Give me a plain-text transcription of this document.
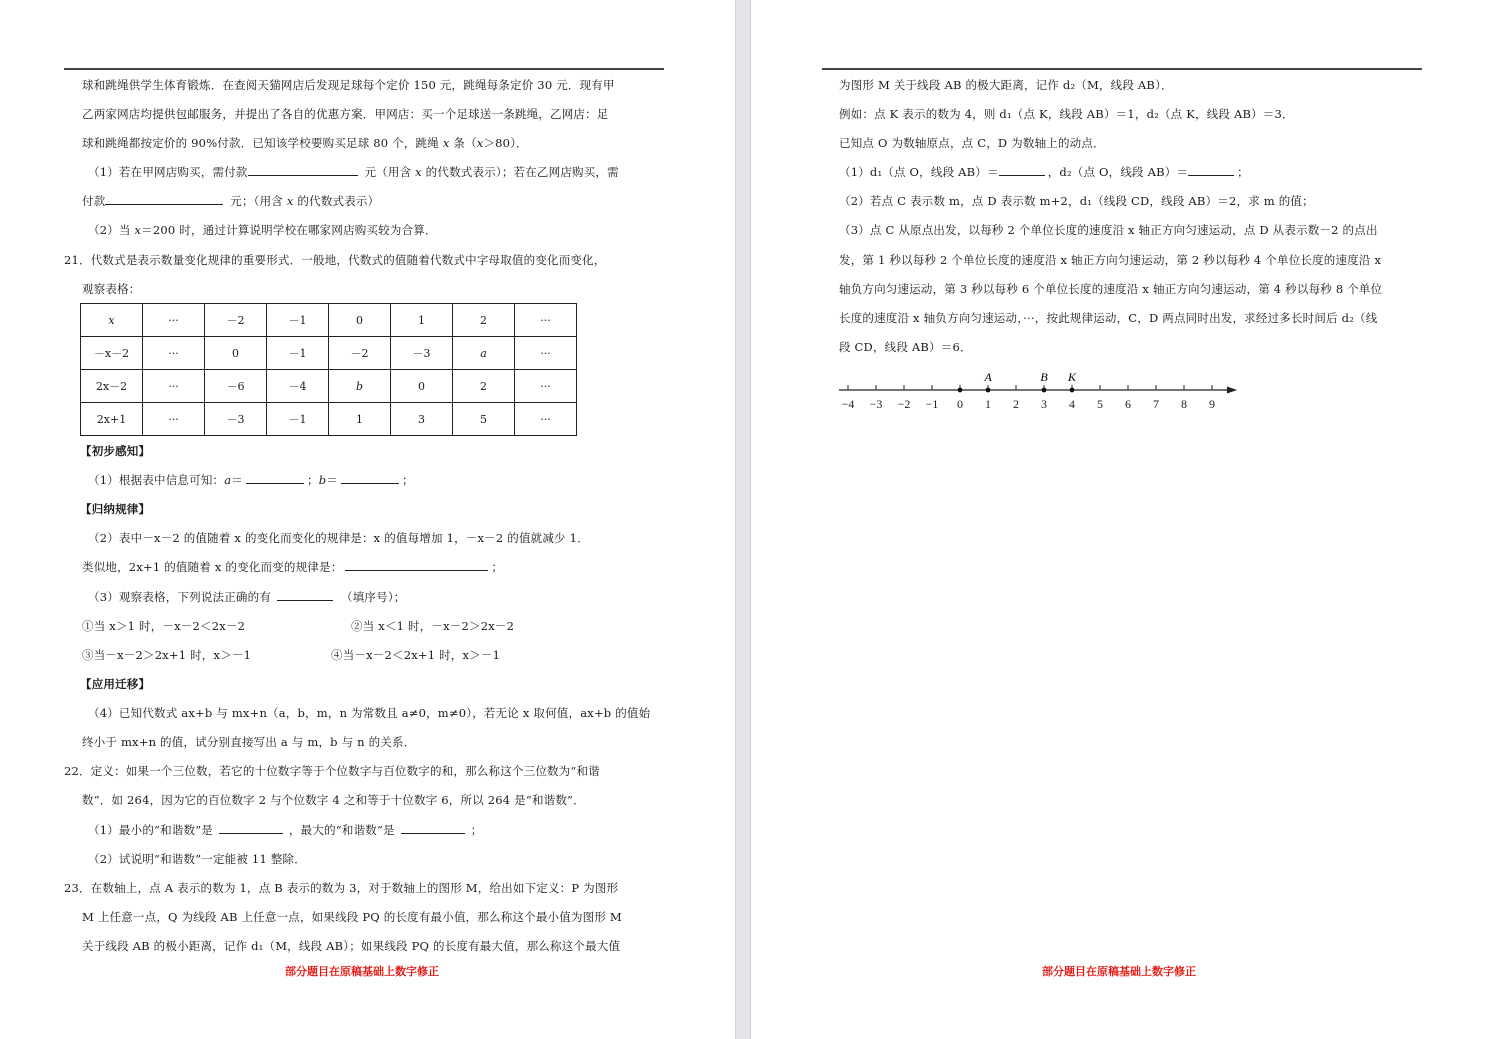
球和跳绳供学生体育锻炼．在查阅天猫网店后发现足球每个定价 150 元，跳绳每条定价 30 元．现有甲
乙两家网店均提供包邮服务，并提出了各自的优惠方案．甲网店：买一个足球送一条跳绳，乙网店：足
球和跳绳都按定价的 90%付款．已知该学校要购买足球 80 个，跳绳 x 条（x＞80）．
（1）若在甲网店购买，需付款	元（用含 x 的代数式表示）；若在乙网店购买，需
付款	元；（用含 x 的代数式表示）
（2）当 x＝200 时，通过计算说明学校在哪家网店购买较为合算．
21．代数式是表示数量变化规律的重要形式．一般地，代数式的值随着代数式中字母取值的变化而变化，
观察表格：
x	···	－2	－1	0	1	2	···
－x－2	···	0	－1	－2	－3	a	···
2x－2	···	－6	－4	b	0	2	···
2x+1	···	－3	－1	1	3	5	···
【初步感知】
（1）根据表中信息可知：a＝	；b＝	；
【归纳规律】
（2）表中－x－2 的值随着 x 的变化而变化的规律是：x 的值每增加 1，－x－2 的值就减少 1．
类似地，2x+1 的值随着 x 的变化而变的规律是：	；
（3）观察表格，下列说法正确的有	（填序号）；
①当 x＞1 时，－x－2＜2x－2	②当 x＜1 时，－x－2＞2x－2
③当－x－2＞2x+1 时，x＞－1	④当－x－2＜2x+1 时，x＞－1
【应用迁移】
（4）已知代数式 ax+b 与 mx+n（a，b，m，n 为常数且 a≠0，m≠0），若无论 x 取何值，ax+b 的值始
终小于 mx+n 的值，试分别直接写出 a 与 m，b 与 n 的关系．
22．定义：如果一个三位数，若它的十位数字等于个位数字与百位数字的和，那么称这个三位数为“和谐
数”．如 264，因为它的百位数字 2 与个位数字 4 之和等于十位数字 6，所以 264 是“和谐数”．
（1）最小的“和谐数”是	，最大的“和谐数”是	；
（2）试说明“和谐数”一定能被 11 整除．
23．在数轴上，点 A 表示的数为 1，点 B 表示的数为 3，对于数轴上的图形 M，给出如下定义：P 为图形
M 上任意一点，Q 为线段 AB 上任意一点，如果线段 PQ 的长度有最小值，那么称这个最小值为图形 M
关于线段 AB 的极小距离，记作 d₁（M，线段 AB）；如果线段 PQ 的长度有最大值，那么称这个最大值
部分题目在原稿基础上数字修正
为图形 M 关于线段 AB 的极大距离，记作 d₂（M，线段 AB）．
例如：点 K 表示的数为 4，则 d₁（点 K，线段 AB）＝1，d₂（点 K，线段 AB）＝3．
已知点 O 为数轴原点，点 C，D 为数轴上的动点．
（1）d₁（点 O，线段 AB）＝	，d₂（点 O，线段 AB）＝	；
（2）若点 C 表示数 m，点 D 表示数 m+2，d₁（线段 CD，线段 AB）＝2，求 m 的值；
（3）点 C 从原点出发，以每秒 2 个单位长度的速度沿 x 轴正方向匀速运动，点 D 从表示数－2 的点出
发，第 1 秒以每秒 2 个单位长度的速度沿 x 轴正方向匀速运动，第 2 秒以每秒 4 个单位长度的速度沿 x
轴负方向匀速运动，第 3 秒以每秒 6 个单位长度的速度沿 x 轴正方向匀速运动，第 4 秒以每秒 8 个单位
长度的速度沿 x 轴负方向匀速运动，···，按此规律运动，C，D 两点同时出发，求经过多长时间后 d₂（线
段 CD，线段 AB）＝6．
−4 −3 −2 −1 0 1 2 3 4 5 6 7 8 9
A	B K
部分题目在原稿基础上数字修正
